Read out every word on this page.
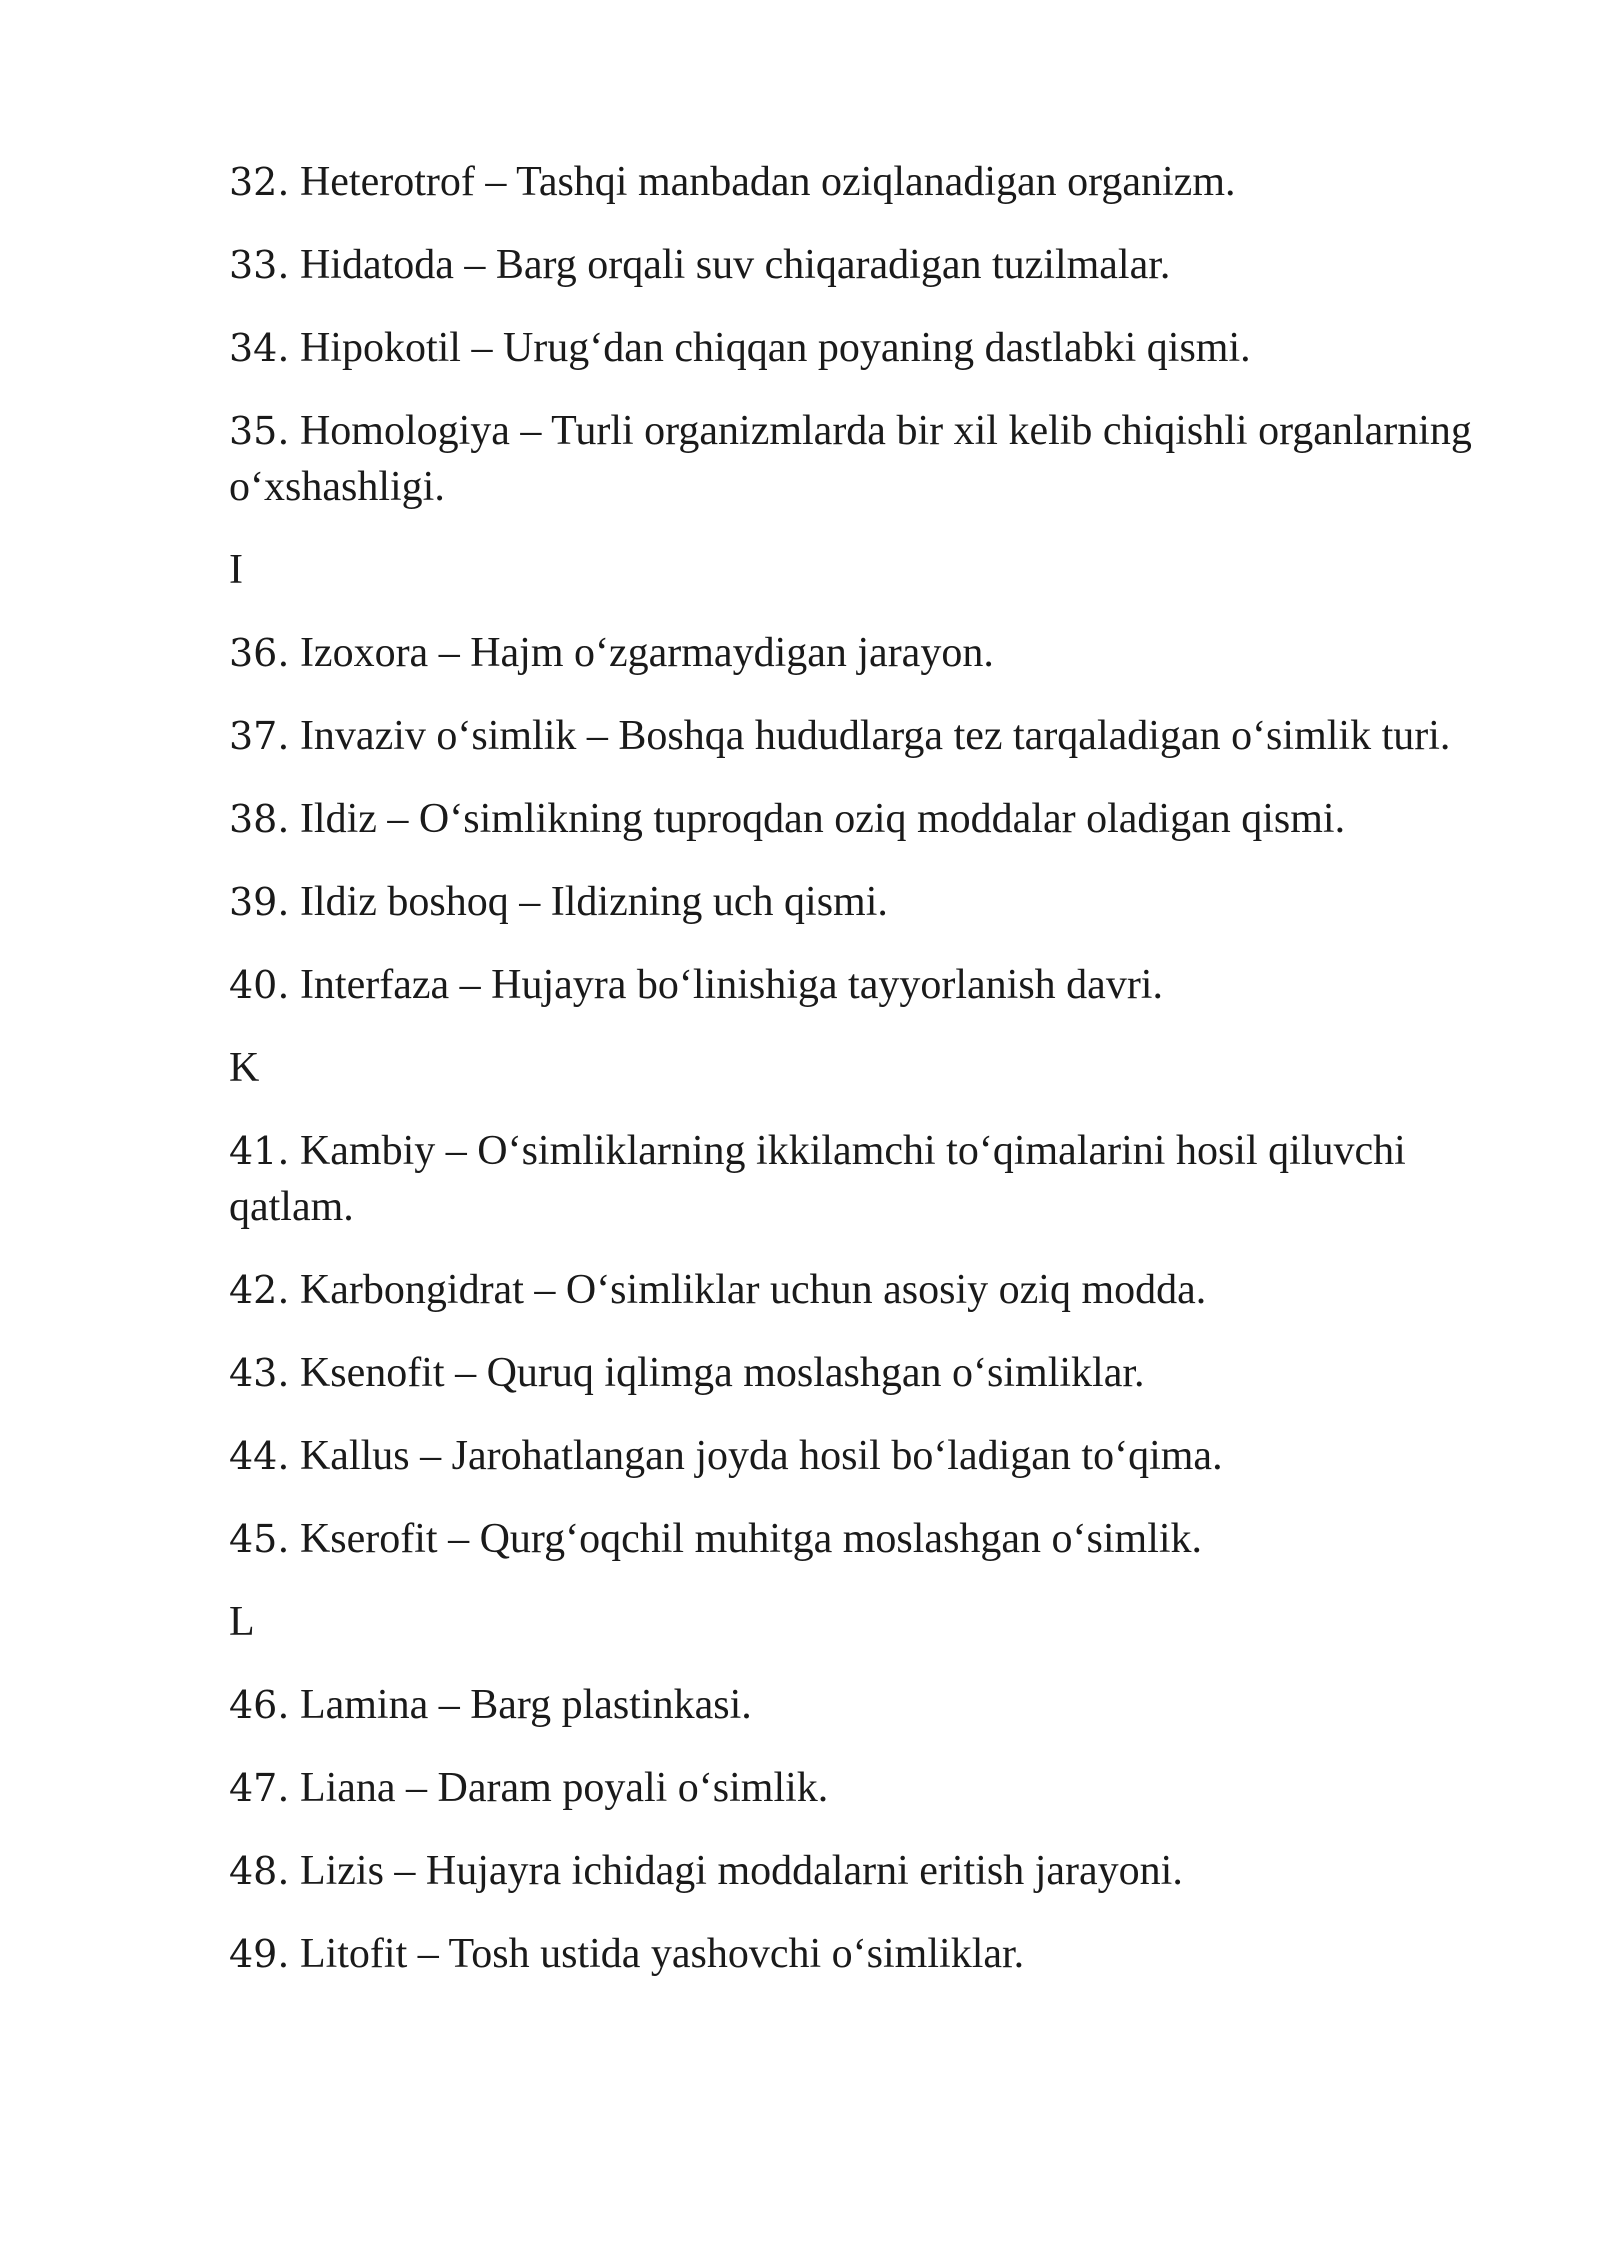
32. Heterotrof – Tashqi manbadan oziqlanadigan organizm.

33. Hidatoda – Barg orqali suv chiqaradigan tuzilmalar.

34. Hipokotil – Urug‘dan chiqqan poyaning dastlabki qismi.

35. Homologiya – Turli organizmlarda bir xil kelib chiqishli organlarning o‘xshashligi.

I

36. Izoxora – Hajm o‘zgarmaydigan jarayon.

37. Invaziv o‘simlik – Boshqa hududlarga tez tarqaladigan o‘simlik turi.

38. Ildiz – O‘simlikning tuproqdan oziq moddalar oladigan qismi.

39. Ildiz boshoq – Ildizning uch qismi.

40. Interfaza – Hujayra bo‘linishiga tayyorlanish davri.

K

41. Kambiy – O‘simliklarning ikkilamchi to‘qimalarini hosil qiluvchi qatlam.

42. Karbongidrat – O‘simliklar uchun asosiy oziq modda.

43. Ksenofit – Quruq iqlimga moslashgan o‘simliklar.

44. Kallus – Jarohatlangan joyda hosil bo‘ladigan to‘qima.

45. Kserofit – Qurg‘oqchil muhitga moslashgan o‘simlik.

L

46. Lamina – Barg plastinkasi.

47. Liana – Daram poyali o‘simlik.

48. Lizis – Hujayra ichidagi moddalarni eritish jarayoni.

49. Litofit – Tosh ustida yashovchi o‘simliklar.
